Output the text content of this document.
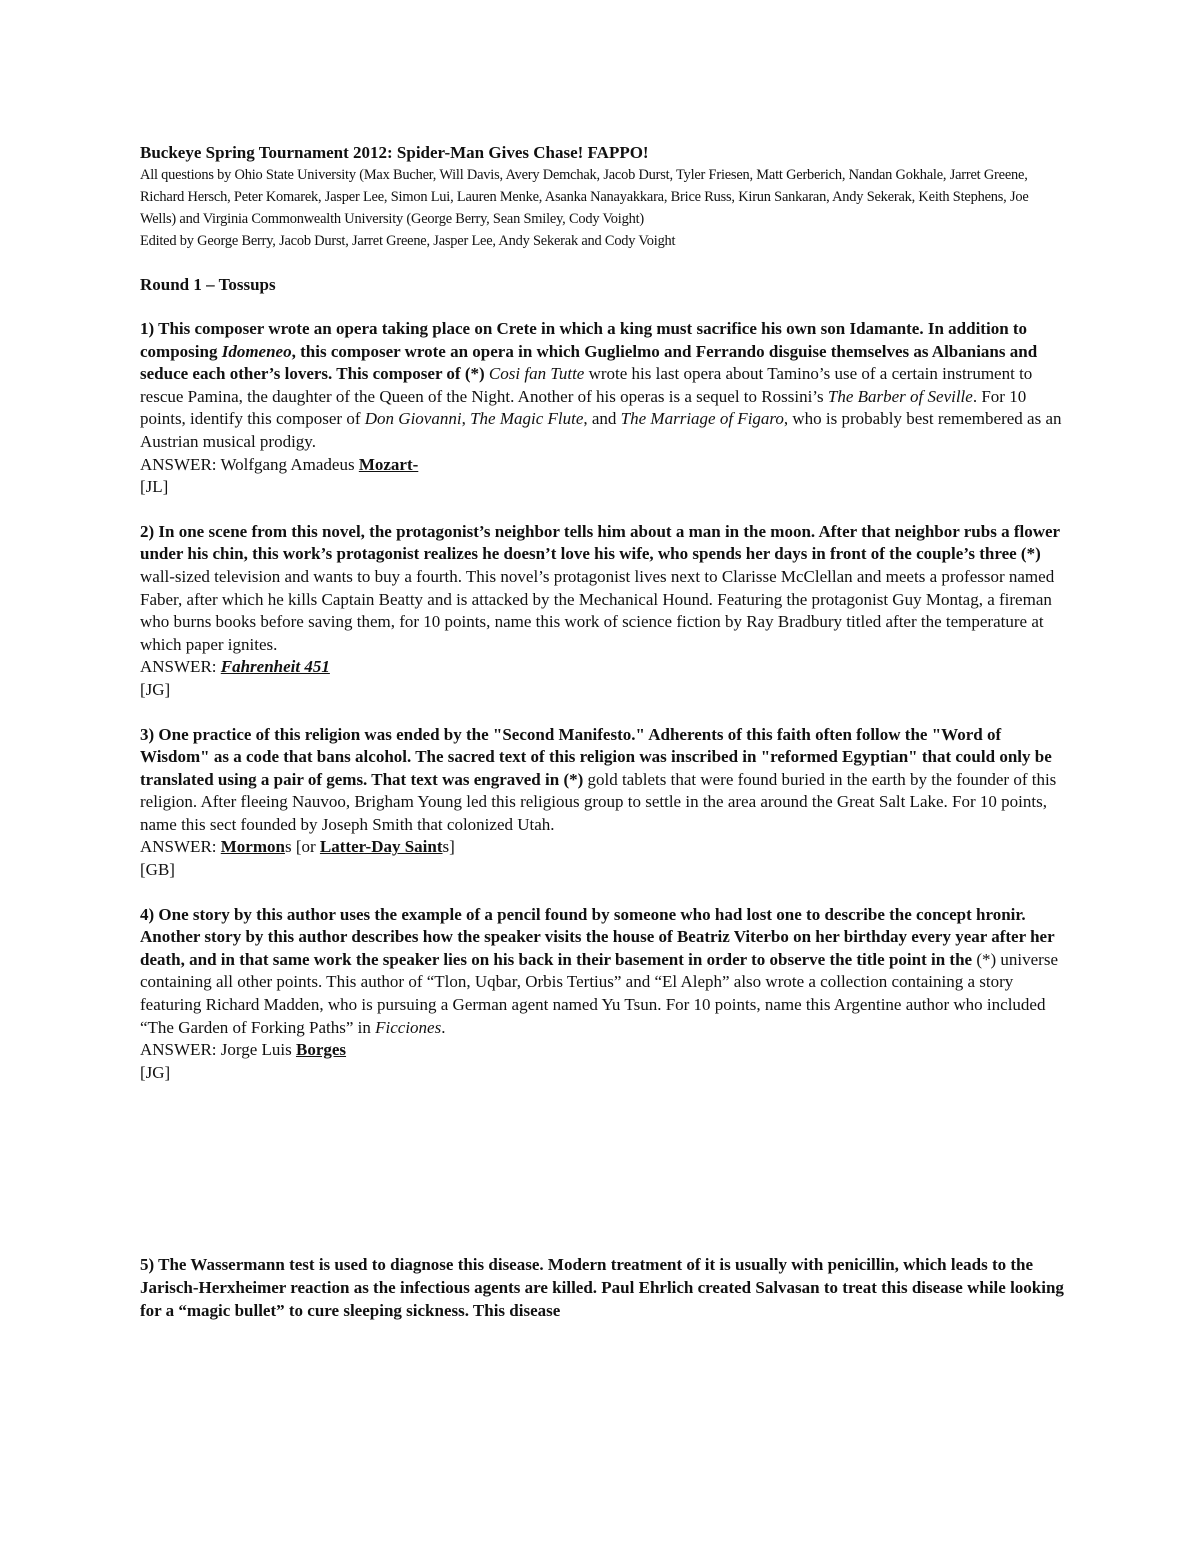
Buckeye Spring Tournament 2012: Spider-Man Gives Chase! FAPPO!

All questions by Ohio State University (Max Bucher, Will Davis, Avery Demchak, Jacob Durst, Tyler Friesen, Matt Gerberich, Nandan Gokhale, Jarret Greene, Richard Hersch, Peter Komarek, Jasper Lee, Simon Lui, Lauren Menke, Asanka Nanayakkara, Brice Russ, Kirun Sankaran, Andy Sekerak, Keith Stephens, Joe Wells) and Virginia Commonwealth University (George Berry, Sean Smiley, Cody Voight)

Edited by George Berry, Jacob Durst, Jarret Greene, Jasper Lee, Andy Sekerak and Cody Voight

Round 1 – Tossups

1) This composer wrote an opera taking place on Crete in which a king must sacrifice his own son Idamante. In addition to composing Idomeneo, this composer wrote an opera in which Guglielmo and Ferrando disguise themselves as Albanians and seduce each other’s lovers. This composer of (*) Cosi fan Tutte wrote his last opera about Tamino’s use of a certain instrument to rescue Pamina, the daughter of the Queen of the Night. Another of his operas is a sequel to Rossini’s The Barber of Seville. For 10 points, identify this composer of Don Giovanni, The Magic Flute, and The Marriage of Figaro, who is probably best remembered as an Austrian musical prodigy.

ANSWER: Wolfgang Amadeus Mozart-

[JL]

2) In one scene from this novel, the protagonist’s neighbor tells him about a man in the moon. After that neighbor rubs a flower under his chin, this work’s protagonist realizes he doesn’t love his wife, who spends her days in front of the couple’s three (*) wall-sized television and wants to buy a fourth. This novel’s protagonist lives next to Clarisse McClellan and meets a professor named Faber, after which he kills Captain Beatty and is attacked by the Mechanical Hound. Featuring the protagonist Guy Montag, a fireman who burns books before saving them, for 10 points, name this work of science fiction by Ray Bradbury titled after the temperature at which paper ignites.

ANSWER: Fahrenheit 451

[JG]

3) One practice of this religion was ended by the "Second Manifesto." Adherents of this faith often follow the "Word of Wisdom" as a code that bans alcohol. The sacred text of this religion was inscribed in "reformed Egyptian" that could only be translated using a pair of gems. That text was engraved in (*) gold tablets that were found buried in the earth by the founder of this religion. After fleeing Nauvoo, Brigham Young led this religious group to settle in the area around the Great Salt Lake. For 10 points, name this sect founded by Joseph Smith that colonized Utah.

ANSWER: Mormons [or Latter-Day Saints]

[GB]

4) One story by this author uses the example of a pencil found by someone who had lost one to describe the concept hronir. Another story by this author describes how the speaker visits the house of Beatriz Viterbo on her birthday every year after her death, and in that same work the speaker lies on his back in their basement in order to observe the title point in the (*) universe containing all other points. This author of “Tlon, Uqbar, Orbis Tertius” and “El Aleph” also wrote a collection containing a story featuring Richard Madden, who is pursuing a German agent named Yu Tsun. For 10 points, name this Argentine author who included “The Garden of Forking Paths” in Ficciones.

ANSWER: Jorge Luis Borges

[JG]

5) The Wassermann test is used to diagnose this disease. Modern treatment of it is usually with penicillin, which leads to the Jarisch-Herxheimer reaction as the infectious agents are killed. Paul Ehrlich created Salvasan to treat this disease while looking for a “magic bullet” to cure sleeping sickness. This disease
